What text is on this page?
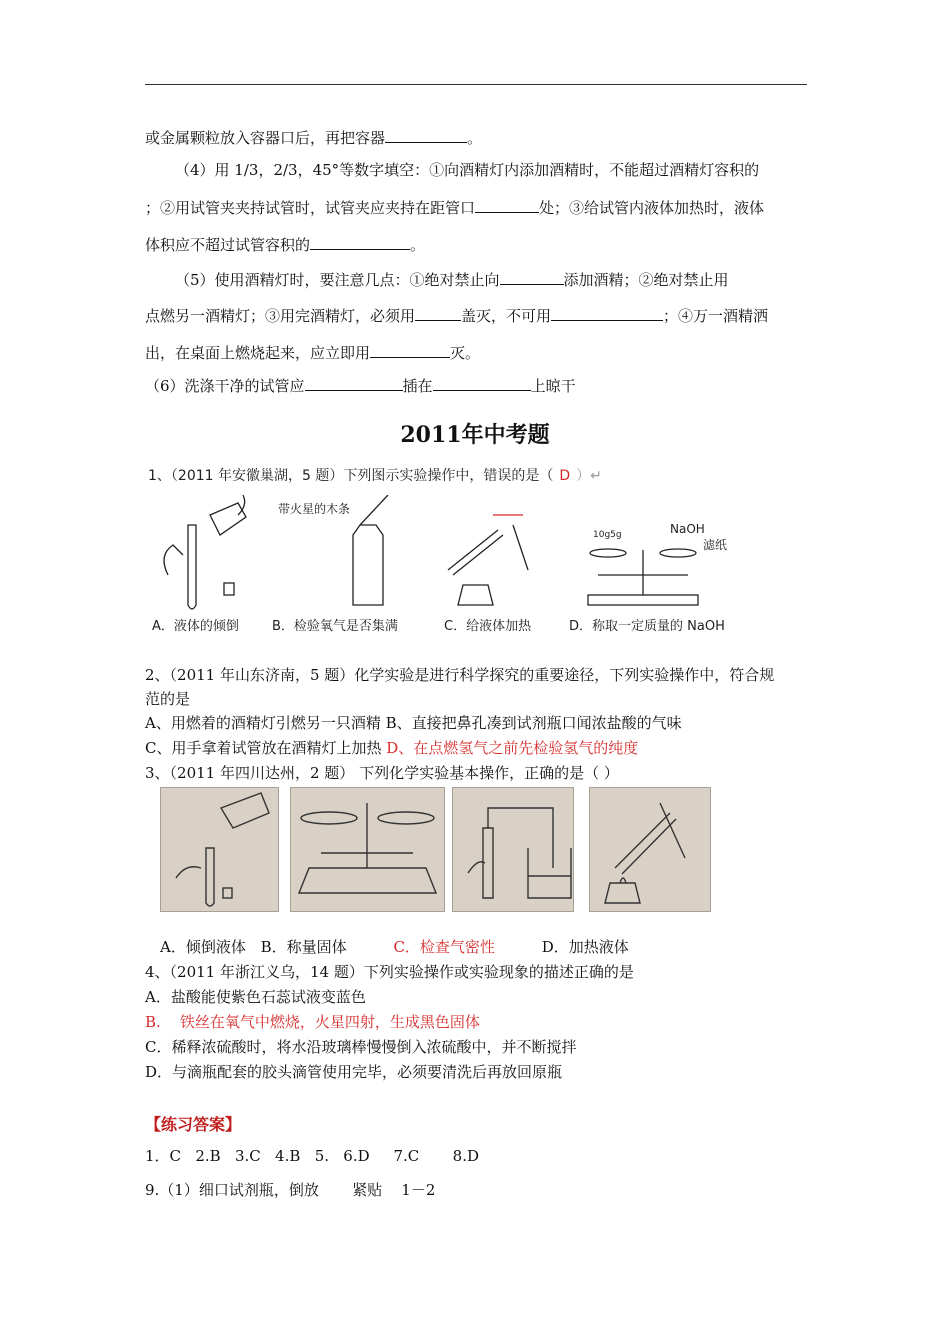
或金属颗粒放入容器口后，再把容器	。
（4）用 1/3，2/3，45°等数字填空：①向酒精灯内添加酒精时，不能超过酒精灯容积的
；②用试管夹夹持试管时，试管夹应夹持在距管口	处；③给试管内液体加热时，液体
体积应不超过试管容积的	。
（5）使用酒精灯时，要注意几点：①绝对禁止向	添加酒精；②绝对禁止用
点燃另一酒精灯；③用完酒精灯，必须用	盖灭，不可用	；④万一酒精洒
出，在桌面上燃烧起来，应立即用	灭。
（6）洗涤干净的试管应	插在	上晾干
2011年中考题
1、（2011 年安徽巢湖，5 题）下列图示实验操作中，错误的是（ D ）↵
带火星的木条
10g5g	NaOH
滤纸
A．液体的倾倒	B．检验氧气是否集满	C．给液体加热	D．称取一定质量的 NaOH
2、（2011 年山东济南，5 题）化学实验是进行科学探究的重要途径，下列实验操作中，符合规
范的是
A、用燃着的酒精灯引燃另一只酒精 B、直接把鼻孔凑到试剂瓶口闻浓盐酸的气味
C、用手拿着试管放在酒精灯上加热 D、在点燃氢气之前先检验氢气的纯度
3、（2011 年四川达州，2 题） 下列化学实验基本操作，正确的是（ ）
A．倾倒液体 B．称量固体	C．检查气密性	D．加热液体
4、（2011 年浙江义乌，14 题）下列实验操作或实验现象的描述正确的是
A．盐酸能使紫色石蕊试液变蓝色
B.    铁丝在氧气中燃烧，火星四射，生成黑色固体
C．稀释浓硫酸时，将水沿玻璃棒慢慢倒入浓硫酸中，并不断搅拌
D．与滴瓶配套的胶头滴管使用完毕，必须要清洗后再放回原瓶
【练习答案】
1．C   2.B   3.C   4.B   5.   6.D     7.C       8.D
9.（1）细口试剂瓶，倒放       紧贴    1－2
